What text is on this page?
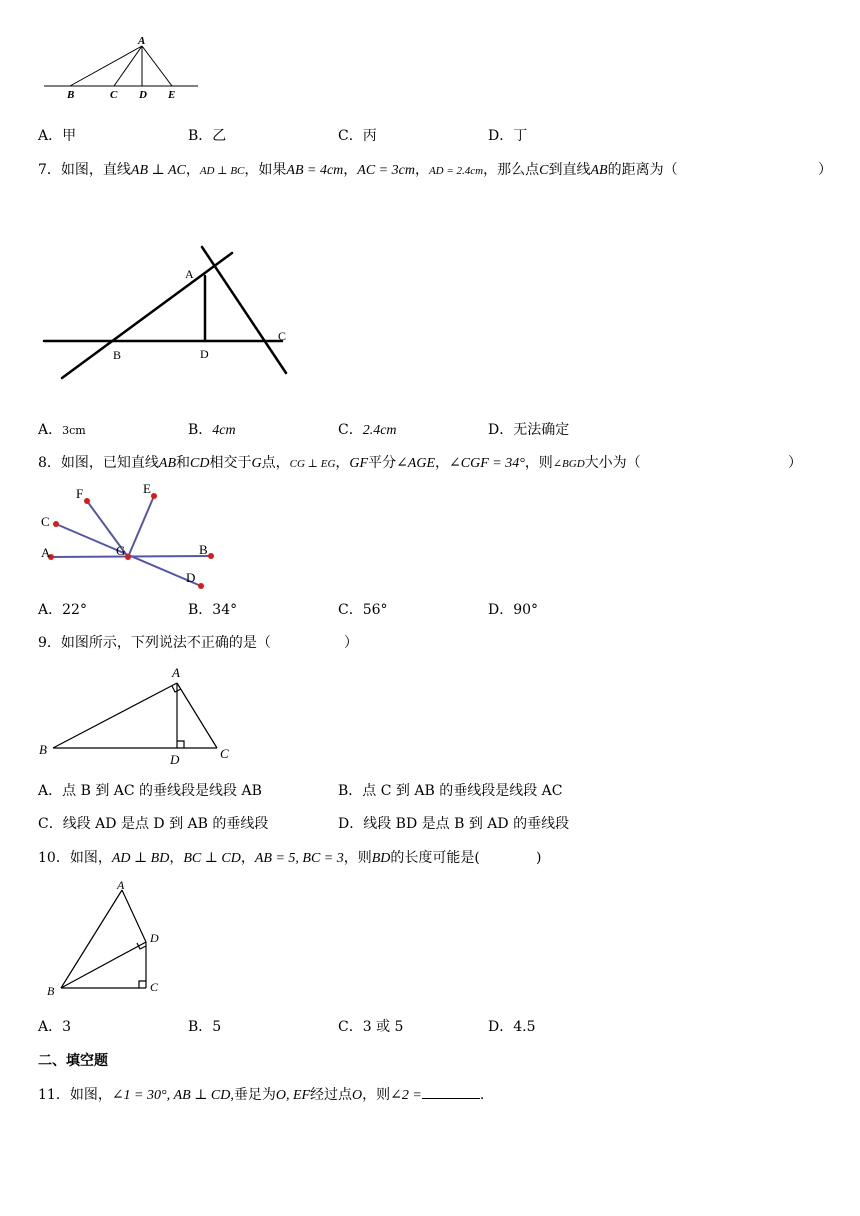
A
B	C D E
A．甲	B．乙	C．丙	D．丁
7．如图，直线AB ⊥ AC，AD ⊥ BC，如果AB = 4cm，AC = 3cm，AD = 2.4cm，那么点C到直线AB的距离为（	）
A
B	D
C
A．3cm	B．4cm	C．2.4cm	D．无法确定
8．如图，已知直线AB和CD相交于G点，CG ⊥ EG，GF平分∠AGE，∠CGF = 34°，则∠BGD大小为（	）
F	E
C
A	G	B
D
A．22°	B．34°	C．56°	D．90°
9．如图所示，下列说法不正确的是（	）
A
B
D	C
A．点 B 到 AC 的垂线段是线段 AB	B．点 C 到 AB 的垂线段是线段 AC
C．线段 AD 是点 D 到 AB 的垂线段	D．线段 BD 是点 B 到 AD 的垂线段
10．如图，AD ⊥ BD，BC ⊥ CD，AB = 5, BC = 3，则BD的长度可能是(	)
A
D
B	C
A．3	B．5	C．3 或 5	D．4.5
二、填空题
11．如图，∠1 = 30°, AB ⊥ CD,垂足为O, EF经过点O，则∠2 =	.
